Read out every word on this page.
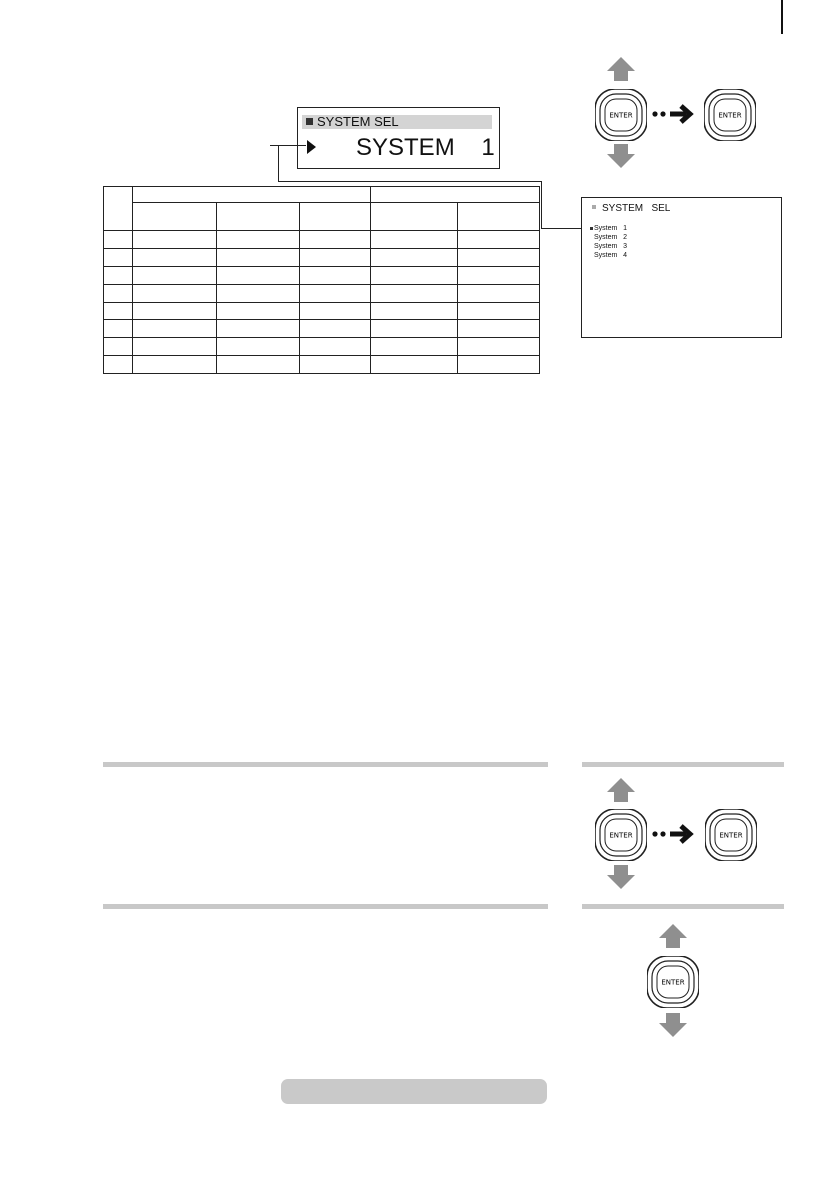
SYSTEM SEL
SYSTEM    1

SYSTEM   SEL
System   1
System   2
System   3
System   4
ENTER	ENTER
ENTER	ENTER
ENTER
